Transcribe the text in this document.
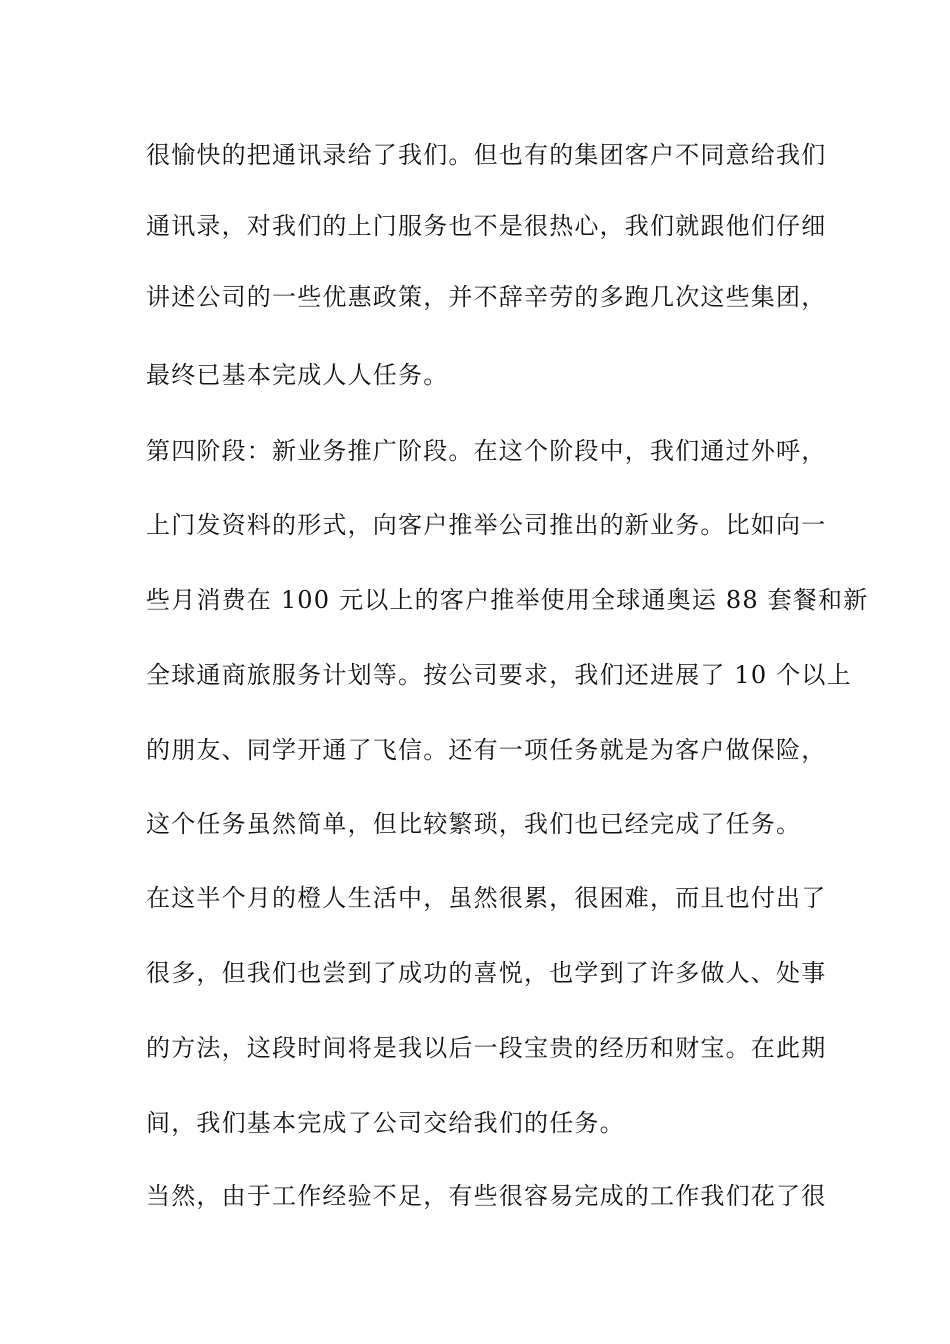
很愉快的把通讯录给了我们。但也有的集团客户不同意给我们
通讯录，对我们的上门服务也不是很热心，我们就跟他们仔细
讲述公司的一些优惠政策，并不辞辛劳的多跑几次这些集团，
最终已基本完成人人任务。
第四阶段：新业务推广阶段。在这个阶段中，我们通过外呼，
上门发资料的形式，向客户推举公司推出的新业务。比如向一
些月消费在 100 元以上的客户推举使用全球通奥运 88 套餐和新
全球通商旅服务计划等。按公司要求，我们还进展了 10 个以上
的朋友、同学开通了飞信。还有一项任务就是为客户做保险，
这个任务虽然简单，但比较繁琐，我们也已经完成了任务。
在这半个月的橙人生活中，虽然很累，很困难，而且也付出了
很多，但我们也尝到了成功的喜悦，也学到了许多做人、处事
的方法，这段时间将是我以后一段宝贵的经历和财宝。在此期
间，我们基本完成了公司交给我们的任务。
当然，由于工作经验不足，有些很容易完成的工作我们花了很
